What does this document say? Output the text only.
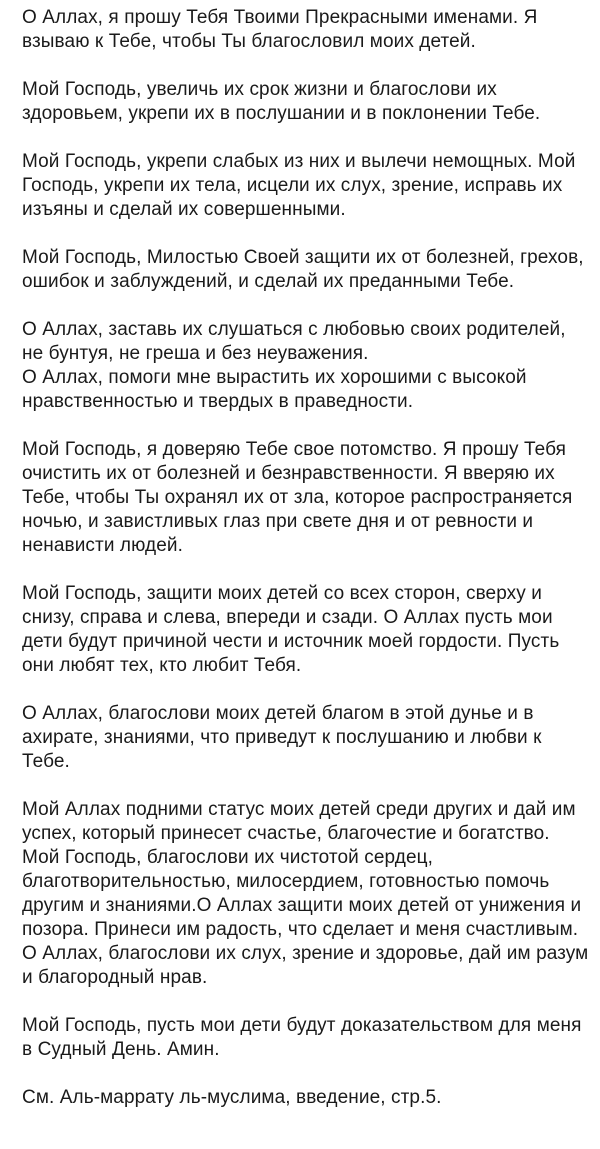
О Аллах, я прошу Тебя Твоими Прекрасными именами. Я взываю к Тебе, чтобы Ты благословил моих детей.

Мой Господь, увеличь их срок жизни и благослови их здоровьем, укрепи их в послушании и в поклонении Тебе.

Мой Господь, укрепи слабых из них и вылечи немощных. Мой Господь, укрепи их тела, исцели их слух, зрение, исправь их изъяны и сделай их совершенными.

Мой Господь, Милостью Своей защити их от болезней, грехов, ошибок и заблуждений, и сделай их преданными Тебе.

О Аллах, заставь их слушаться с любовью своих родителей, не бунтуя, не греша и без неуважения.

О Аллах, помоги мне вырастить их хорошими с высокой нравственностью и твердых в праведности.

Мой Господь, я доверяю Тебе свое потомство. Я прошу Тебя очистить их от болезней и безнравственности. Я вверяю их Тебе, чтобы Ты охранял их от зла, которое распространяется ночью, и завистливых глаз при свете дня и от ревности и ненависти людей.

Мой Господь, защити моих детей со всех сторон, сверху и снизу, справа и слева, впереди и сзади. О Аллах пусть мои дети будут причиной чести и источник моей гордости. Пусть они любят тех, кто любит Тебя.

О Аллах, благослови моих детей благом в этой дунье и в ахирате, знаниями, что приведут к послушанию и любви к Тебе.

Мой Аллах подними статус моих детей среди других и дай им успех, который принесет счастье, благочестие и богатство.

Мой Господь, благослови их чистотой сердец, благотворительностью, милосердием, готовностью помочь другим и знаниями.О Аллах защити моих детей от унижения и позора. Принеси им радость, что сделает и меня счастливым. О Аллах, благослови их слух, зрение и здоровье, дай им разум и благородный нрав.

Мой Господь, пусть мои дети будут доказательством для меня в Судный День. Амин.

См. Аль-маррату ль-муслима, введение, стр.5.
